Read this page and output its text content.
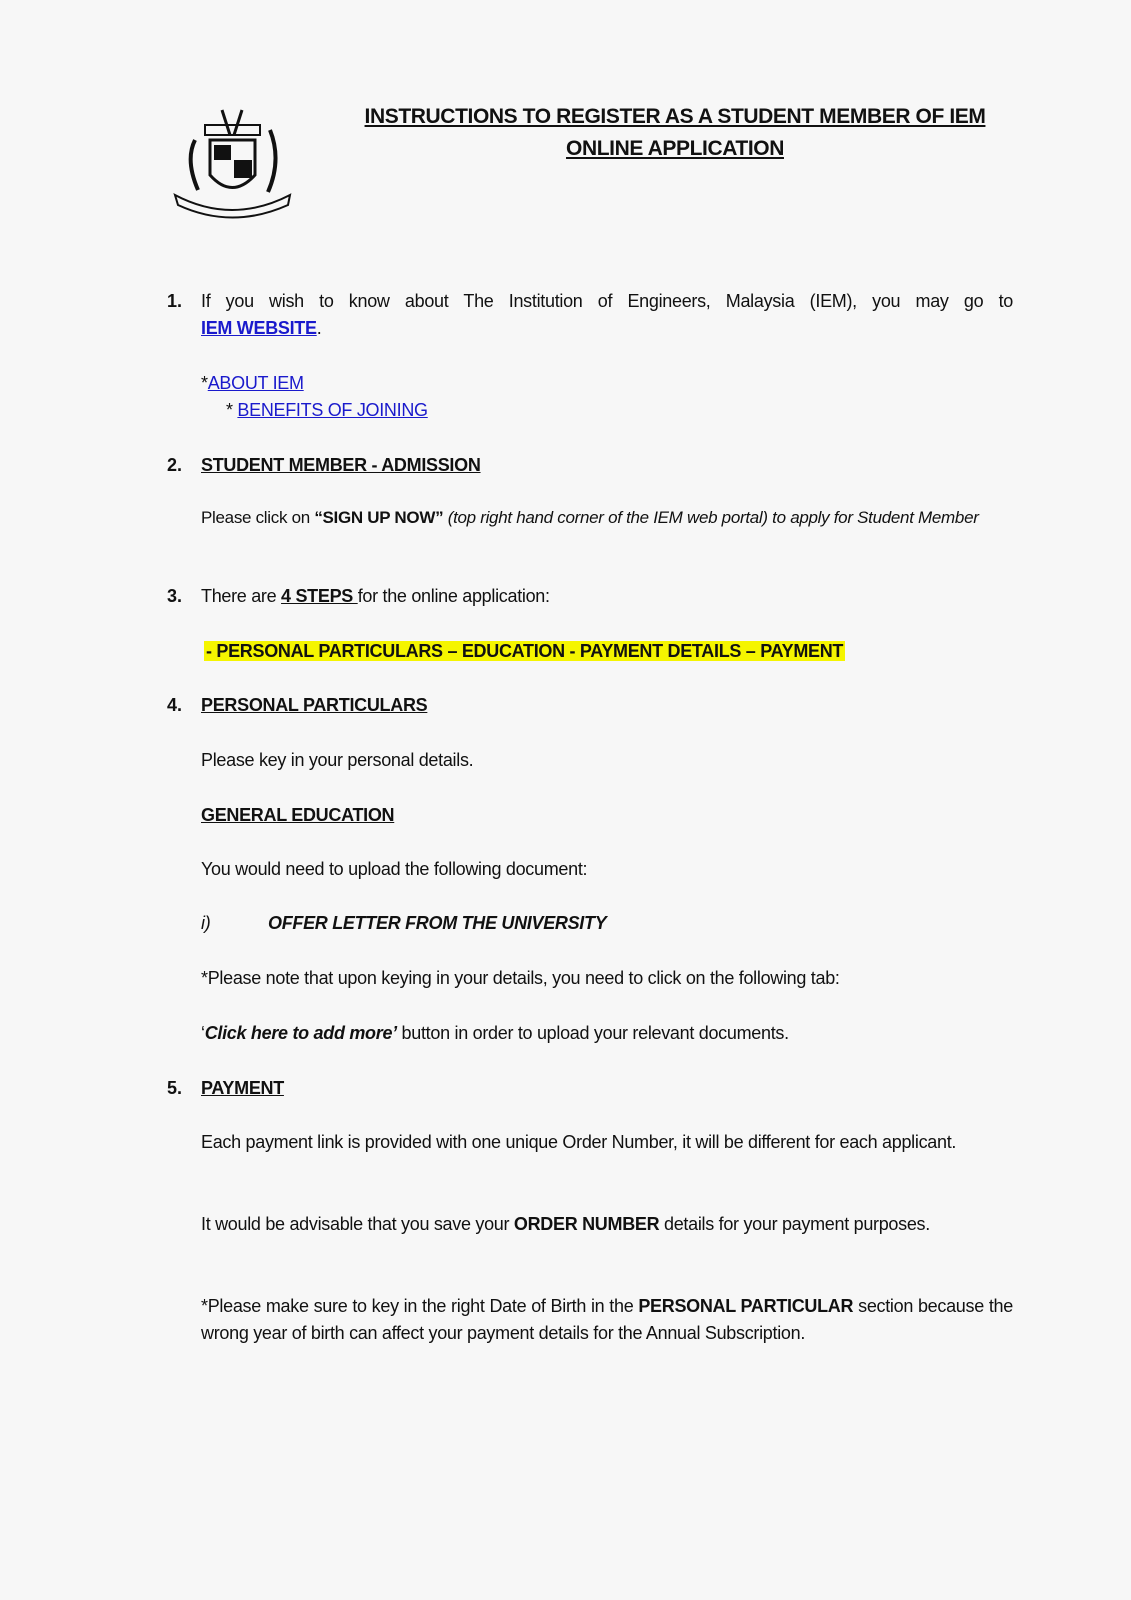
INSTRUCTIONS TO REGISTER AS A STUDENT MEMBER OF IEM
ONLINE APPLICATION
1. If you wish to know about The Institution of Engineers, Malaysia (IEM), you may go to
IEM WEBSITE.
*ABOUT IEM
* BENEFITS OF JOINING
2. STUDENT MEMBER - ADMISSION
Please click on “SIGN UP NOW” (top right hand corner of the IEM web portal) to apply for Student Member
3. There are 4 STEPS for the online application:
- PERSONAL PARTICULARS – EDUCATION - PAYMENT DETAILS – PAYMENT
4. PERSONAL PARTICULARS
Please key in your personal details.
GENERAL EDUCATION
You would need to upload the following document:
i)	OFFER LETTER FROM THE UNIVERSITY
*Please note that upon keying in your details, you need to click on the following tab:
‘Click here to add more’ button in order to upload your relevant documents.
5. PAYMENT
Each payment link is provided with one unique Order Number, it will be different for each applicant.
It would be advisable that you save your ORDER NUMBER details for your payment purposes.
*Please make sure to key in the right Date of Birth in the PERSONAL PARTICULAR section because the wrong year of birth can affect your payment details for the Annual Subscription.
